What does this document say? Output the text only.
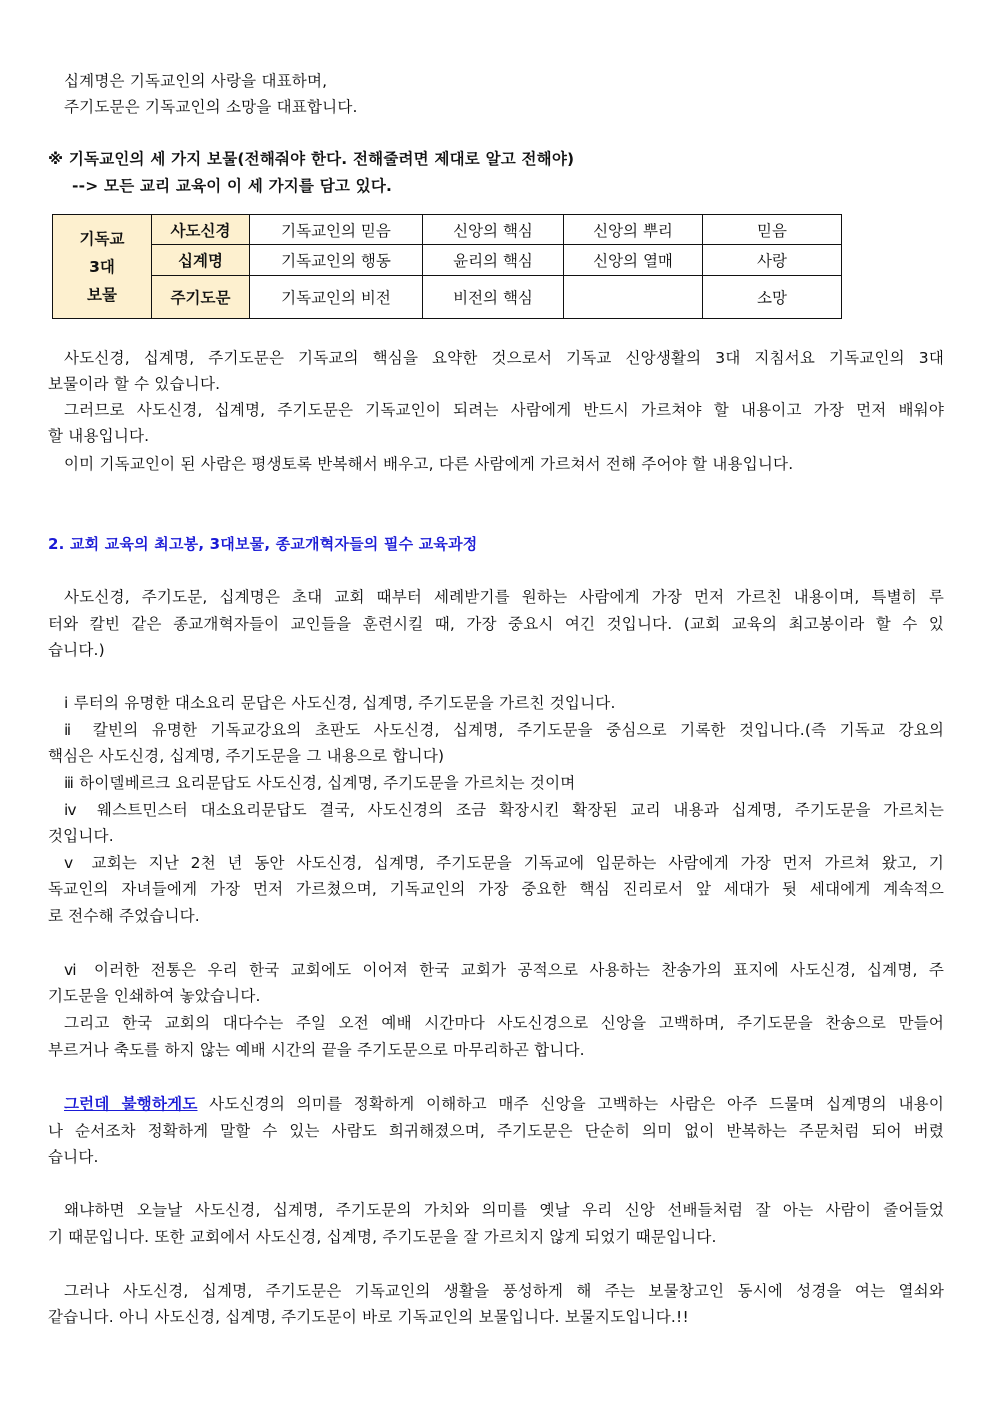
십계명은 기독교인의 사랑을 대표하며,
주기도문은 기독교인의 소망을 대표합니다.
※ 기독교인의 세 가지 보물(전해줘야 한다. 전해줄려면 제대로 알고 전해야)
--> 모든 교리 교육이 이 세 가지를 담고 있다.
기독교
3대
보물	사도신경	기독교인의 믿음	신앙의 핵심	신앙의 뿌리	믿음
	십계명	기독교인의 행동	윤리의 핵심	신앙의 열매	사랑
	주기도문	기독교인의 비전	비전의 핵심		소망
사도신경, 십계명, 주기도문은 기독교의 핵심을 요약한 것으로서 기독교 신앙생활의 3대 지침서요 기독교인의 3대
보물이라 할 수 있습니다.
그러므로 사도신경, 십계명, 주기도문은 기독교인이 되려는 사람에게 반드시 가르쳐야 할 내용이고 가장 먼저 배워야
할 내용입니다.
이미 기독교인이 된 사람은 평생토록 반복해서 배우고, 다른 사람에게 가르쳐서 전해 주어야 할 내용입니다.
2. 교회 교육의 최고봉, 3대보물, 종교개혁자들의 필수 교육과정
사도신경, 주기도문, 십계명은 초대 교회 때부터 세례받기를 원하는 사람에게 가장 먼저 가르친 내용이며, 특별히 루
터와 칼빈 같은 종교개혁자들이 교인들을 훈련시킬 때, 가장 중요시 여긴 것입니다. (교회 교육의 최고봉이라 할 수 있
습니다.)
ⅰ 루터의 유명한 대소요리 문답은 사도신경, 십계명, 주기도문을 가르친 것입니다.
ⅱ 칼빈의 유명한 기독교강요의 초판도 사도신경, 십계명, 주기도문을 중심으로 기록한 것입니다.(즉 기독교 강요의
핵심은 사도신경, 십계명, 주기도문을 그 내용으로 합니다)
ⅲ 하이델베르크 요리문답도 사도신경, 십계명, 주기도문을 가르치는 것이며
ⅳ 웨스트민스터 대소요리문답도 결국, 사도신경의 조금 확장시킨 확장된 교리 내용과 십계명, 주기도문을 가르치는
것입니다.
ⅴ 교회는 지난 2천 년 동안 사도신경, 십계명, 주기도문을 기독교에 입문하는 사람에게 가장 먼저 가르쳐 왔고, 기
독교인의 자녀들에게 가장 먼저 가르쳤으며, 기독교인의 가장 중요한 핵심 진리로서 앞 세대가 뒷 세대에게 계속적으
로 전수해 주었습니다.
ⅵ 이러한 전통은 우리 한국 교회에도 이어져 한국 교회가 공적으로 사용하는 찬송가의 표지에 사도신경, 십계명, 주
기도문을 인쇄하여 놓았습니다.
그리고 한국 교회의 대다수는 주일 오전 예배 시간마다 사도신경으로 신앙을 고백하며, 주기도문을 찬송으로 만들어
부르거나 축도를 하지 않는 예배 시간의 끝을 주기도문으로 마무리하곤 합니다.
그런데 불행하게도 사도신경의 의미를 정확하게 이해하고 매주 신앙을 고백하는 사람은 아주 드물며 십계명의 내용이
나 순서조차 정확하게 말할 수 있는 사람도 희귀해졌으며, 주기도문은 단순히 의미 없이 반복하는 주문처럼 되어 버렸
습니다.
왜냐하면 오늘날 사도신경, 십계명, 주기도문의 가치와 의미를 옛날 우리 신앙 선배들처럼 잘 아는 사람이 줄어들었
기 때문입니다. 또한 교회에서 사도신경, 십계명, 주기도문을 잘 가르치지 않게 되었기 때문입니다.
그러나 사도신경, 십계명, 주기도문은 기독교인의 생활을 풍성하게 해 주는 보물창고인 동시에 성경을 여는 열쇠와
같습니다. 아니 사도신경, 십계명, 주기도문이 바로 기독교인의 보물입니다. 보물지도입니다.!!
